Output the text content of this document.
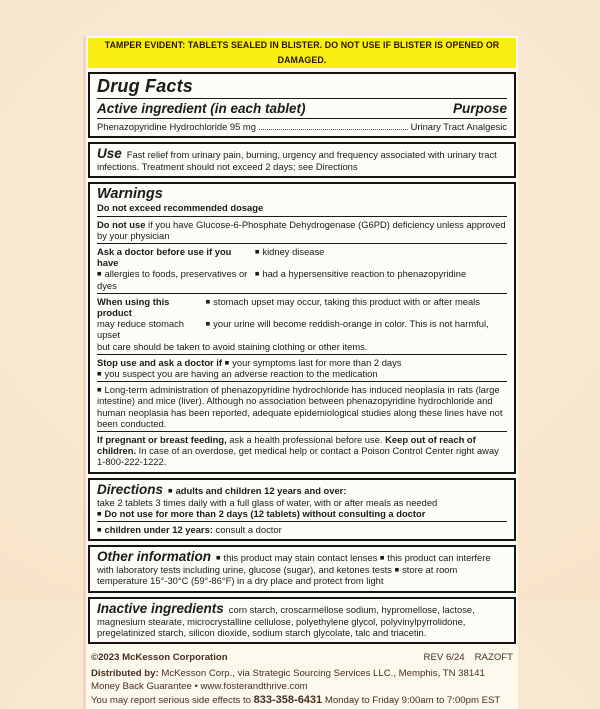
TAMPER EVIDENT: TABLETS SEALED IN BLISTER. DO NOT USE IF BLISTER IS OPENED OR DAMAGED.
Drug Facts
Active ingredient (in each tablet)	Purpose
Phenazopyridine Hydrochloride 95 mg	Urinary Tract Analgesic

Use Fast relief from urinary pain, burning, urgency and frequency associated with urinary tract infections. Treatment should not exceed 2 days; see Directions

Warnings
Do not exceed recommended dosage

Do not use if you have Glucose-6-Phosphate Dehydrogenase (G6PD) deficiency unless approved by your physician

Ask a doctor before use if you have
■ kidney disease
■ allergies to foods, preservatives or dyes
■ had a hypersensitive reaction to phenazopyridine
When using this product
■ stomach upset may occur, taking this product with or after meals
may reduce stomach upset
■ your urine will become reddish-orange in color. This is not harmful,
but care should be taken to avoid staining clothing or other items.

Stop use and ask a doctor if ■ your symptoms last for more than 2 days
■ you suspect you are having an adverse reaction to the medication

■ Long-term administration of phenazopyridine hydrochloride has induced neoplasia in rats (large intestine) and mice (liver). Although no association between phenazopyridine hydrochloride and human neoplasia has been reported, adequate epidemiological studies along these lines have not been conducted.

If pregnant or breast feeding, ask a health professional before use. Keep out of reach of children. In case of an overdose, get medical help or contact a Poison Control Center right away 1-800-222-1222.

Directions ■ adults and children 12 years and over:
take 2 tablets 3 times daily with a full glass of water, with or after meals as needed
■ Do not use for more than 2 days (12 tablets) without consulting a doctor

■ children under 12 years: consult a doctor

Other information ■ this product may stain contact lenses ■ this product can interfere with laboratory tests including urine, glucose (sugar), and ketones tests ■ store at room temperature 15°-30°C (59°-86°F) in a dry place and protect from light

Inactive ingredients corn starch, croscarmellose sodium, hypromellose, lactose, magnesium stearate, microcrystalline cellulose, polyethylene glycol, polyvinylpyrrolidone, pregelatinized starch, silicon dioxide, sodium starch glycolate, talc and triacetin.

©2023 McKesson Corporation	REV 6/24 RAZOFT
Distributed by: McKesson Corp., via Strategic Sourcing Services LLC., Memphis, TN 38141
Money Back Guarantee • www.fosterandthrive.com
You may report serious side effects to 833-358-6431 Monday to Friday 9:00am to 7:00pm EST
